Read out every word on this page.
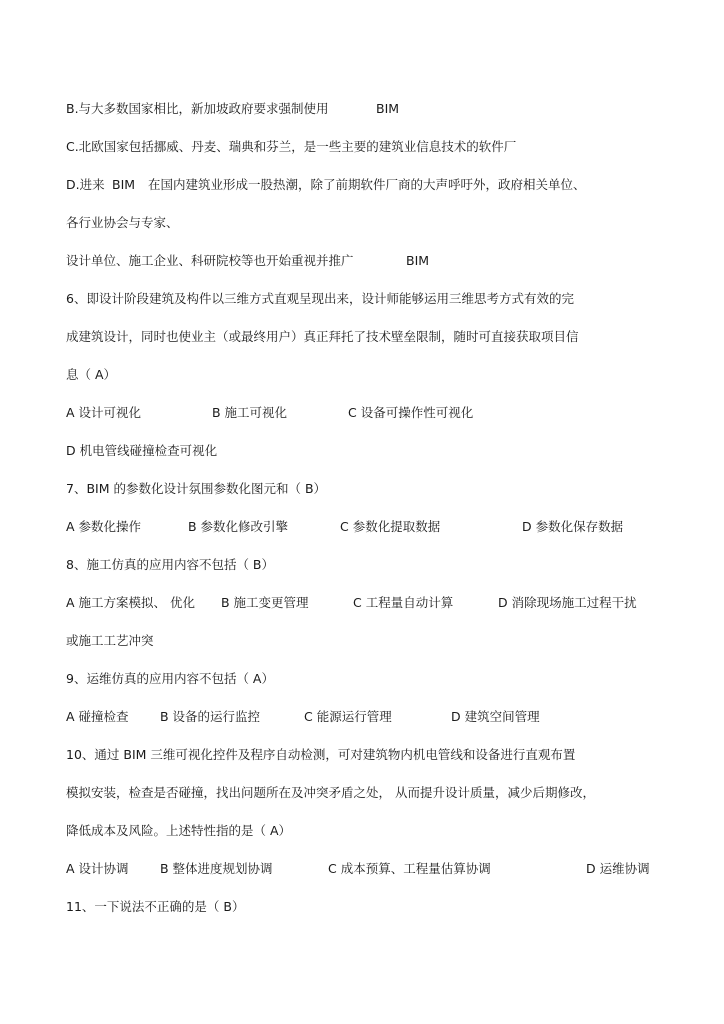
B.与大多数国家相比，新加坡政府要求强制使用	BIM
C.北欧国家包括挪威、丹麦、瑞典和芬兰，是一些主要的建筑业信息技术的软件厂
D.进来 BIM 在国内建筑业形成一股热潮，除了前期软件厂商的大声呼吁外，政府相关单位、
各行业协会与专家、
设计单位、施工企业、科研院校等也开始重视并推广	BIM
6、即设计阶段建筑及构件以三维方式直观呈现出来，设计师能够运用三维思考方式有效的完
成建筑设计，同时也使业主（或最终用户）真正拜托了技术壁垒限制，随时可直接获取项目信
息（ A）
A 设计可视化	B 施工可视化	C 设备可操作性可视化
D 机电管线碰撞检查可视化
7、BIM 的参数化设计氛围参数化图元和（ B）
A 参数化操作	B 参数化修改引擎	C 参数化提取数据	D 参数化保存数据
8、施工仿真的应用内容不包括（ B）
A 施工方案模拟、 优化 B 施工变更管理	C 工程量自动计算	D 消除现场施工过程干扰
或施工工艺冲突
9、运维仿真的应用内容不包括（ A）
A 碰撞检查	B 设备的运行监控	C 能源运行管理	D 建筑空间管理
10、通过 BIM 三维可视化控件及程序自动检测，可对建筑物内机电管线和设备进行直观布置
模拟安装，检查是否碰撞，找出问题所在及冲突矛盾之处， 从而提升设计质量，减少后期修改，
降低成本及风险。上述特性指的是（ A）
A 设计协调	B 整体进度规划协调	C 成本预算、工程量估算协调	D 运维协调
11、一下说法不正确的是（ B）
